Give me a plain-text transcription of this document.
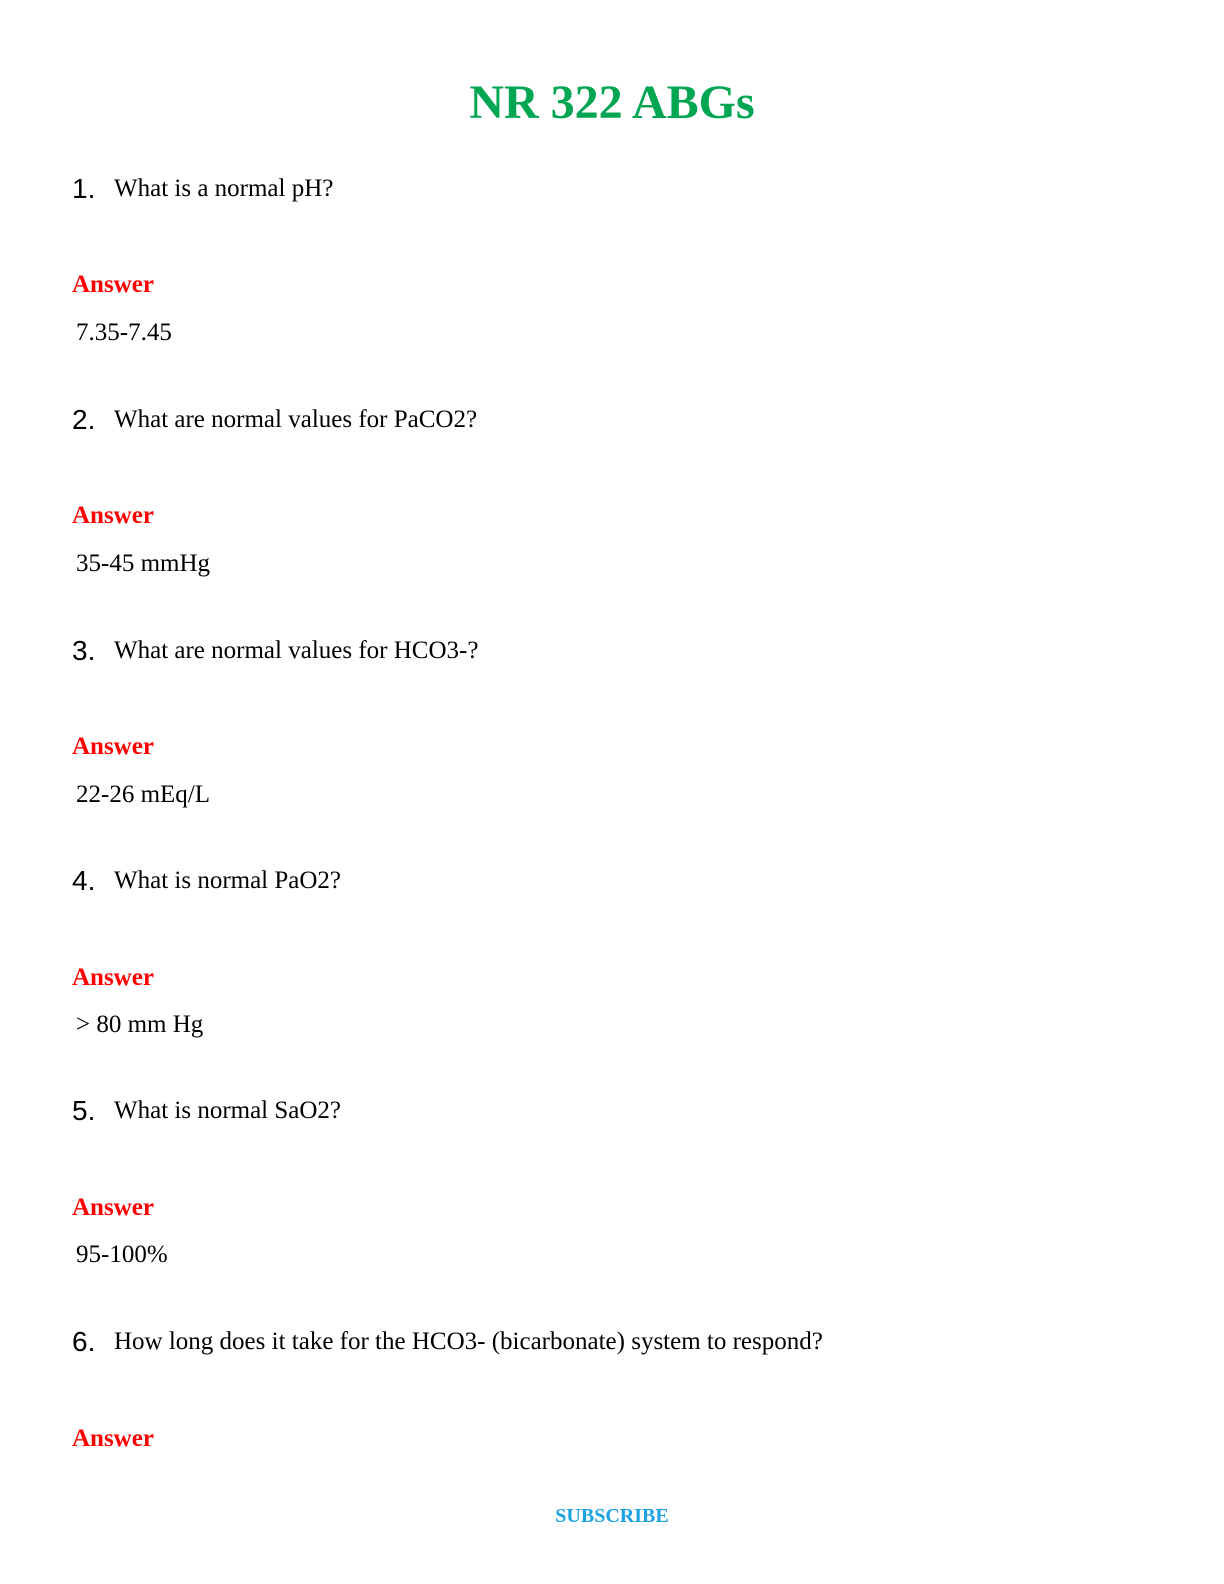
NR 322 ABGs
1. What is a normal pH?
Answer
7.35-7.45
2. What are normal values for PaCO2?
Answer
35-45 mmHg
3. What are normal values for HCO3-?
Answer
22-26 mEq/L
4. What is normal PaO2?
Answer
> 80 mm Hg
5. What is normal SaO2?
Answer
95-100%
6. How long does it take for the HCO3- (bicarbonate) system to respond?
Answer
SUBSCRIBE
